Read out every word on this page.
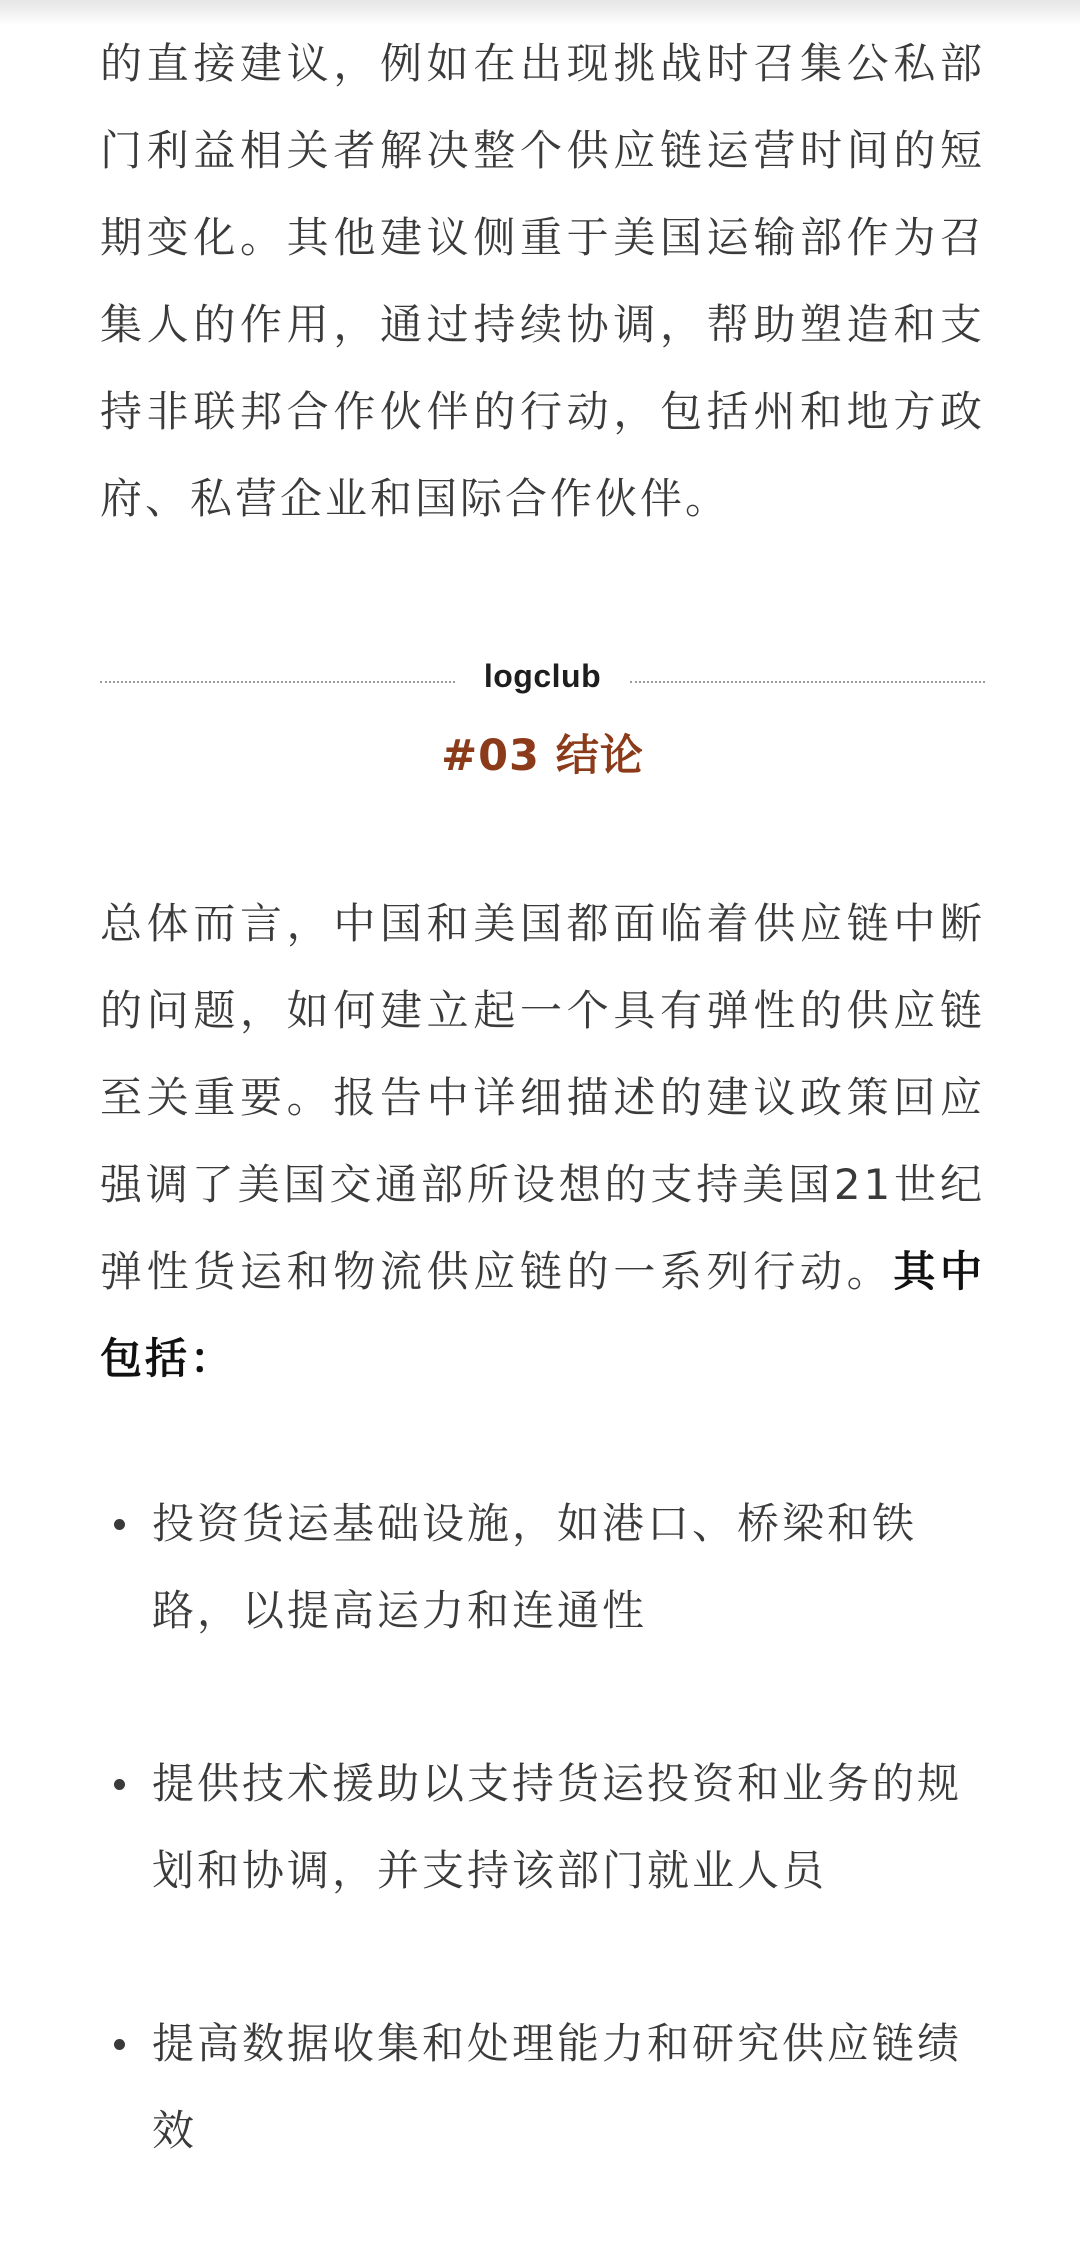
的直接建议，例如在出现挑战时召集公私部门利益相关者解决整个供应链运营时间的短期变化。其他建议侧重于美国运输部作为召集人的作用，通过持续协调，帮助塑造和支持非联邦合作伙伴的行动，包括州和地方政府、私营企业和国际合作伙伴。

logclub
#03 结论

总体而言，中国和美国都面临着供应链中断的问题，如何建立起一个具有弹性的供应链至关重要。报告中详细描述的建议政策回应强调了美国交通部所设想的支持美国21世纪弹性货运和物流供应链的一系列行动。其中包括：

投资货运基础设施，如港口、桥梁和铁路，以提高运力和连通性
提供技术援助以支持货运投资和业务的规划和协调，并支持该部门就业人员
提高数据收集和处理能力和研究供应链绩效
